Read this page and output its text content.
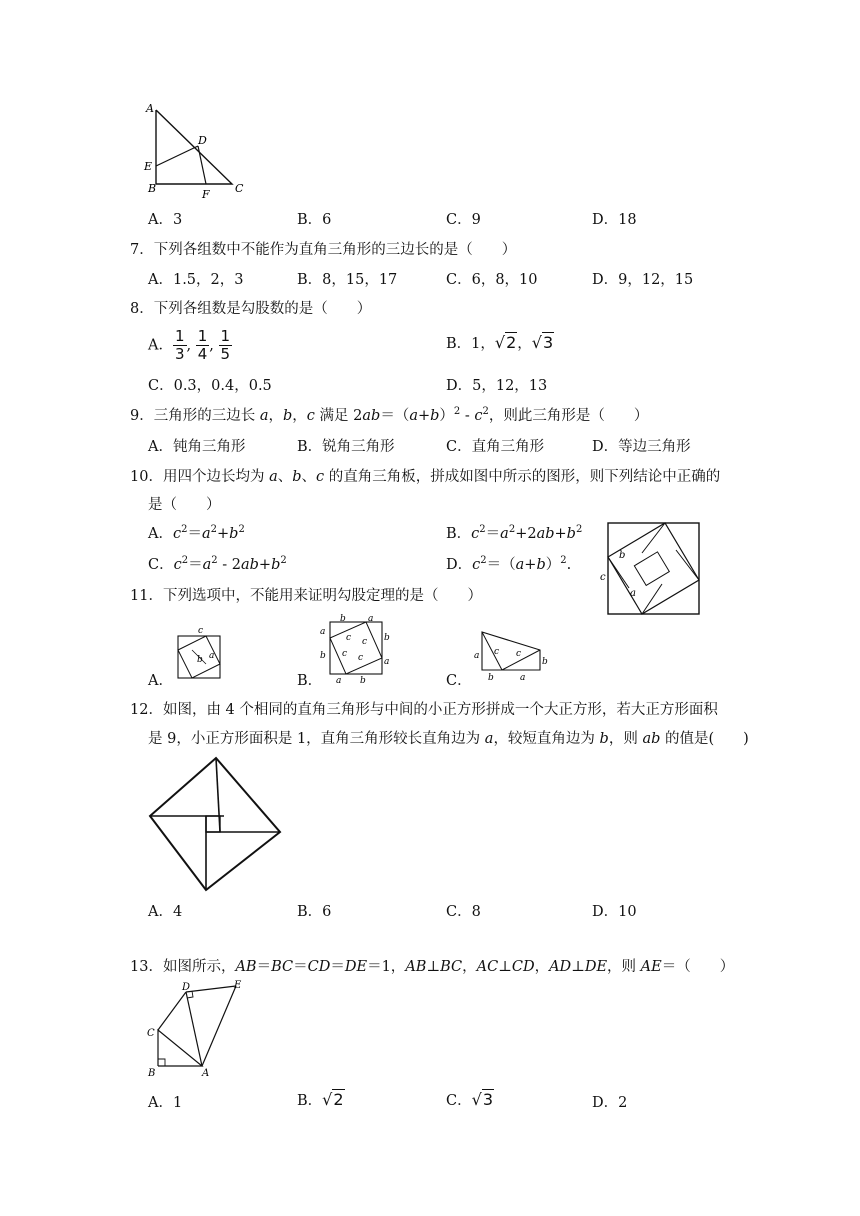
A
D
E
B	F C
A．3	B．6	C．9	D．18
7．下列各组数中不能作为直角三角形的三边长的是（　　）
A．1.5，2，3	B．8，15，17	C．6，8，10	D．9，12，15
8．下列各组数是勾股数的是（　　）
A． $\frac{1}{3}$ , $\frac{1}{4}$ , $\frac{1}{5}$	B．1，√2，√3
C．0.3，0.4，0.5	D．5，12，13
9．三角形的三边长 a，b，c 满足 $2ab=(a+b)^2 - c^2$，则此三角形是（　　）
A．钝角三角形	B．锐角三角形	C．直角三角形	D．等边三角形
10．用四个边长均为 a、b、c 的直角三角板，拼成如图中所示的图形，则下列结论中正确的
是（　　）
A．$c^2=a^2+b^2$	B．$c^2=a^2+2ab+b^2$
C．$c^2=a^2 - 2ab+b^2$	D．$c^2=(a+b)^2$.
b
c
a
11．下列选项中，不能用来证明勾股定理的是（　　）
A．	B．	C．
c
b a
b a
a
b
c c
c c
b
a
a b
a c c
b
b	a
12．如图，由 4 个相同的直角三角形与中间的小正方形拼成一个大正方形，若大正方形面积
是 9，小正方形面积是 1，直角三角形较长直角边为 a，较短直角边为 b，则 ab 的值是(　　)
A．4	B．6	C．8	D．10
13．如图所示，AB＝BC＝CD＝DE＝1，AB⊥BC，AC⊥CD，AD⊥DE，则 AE＝（　　）
D	E
C
B	A
A．1	B．√2	C．√3	D．2
